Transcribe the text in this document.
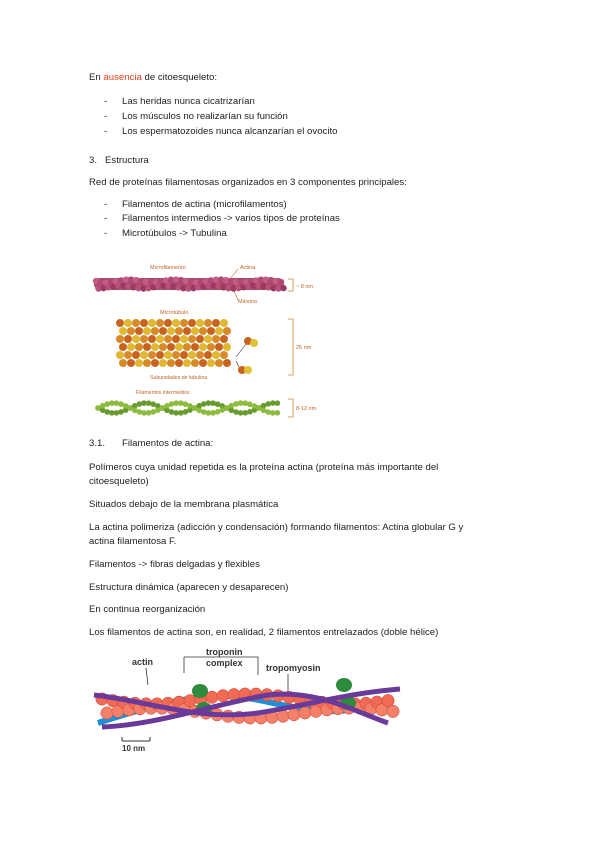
En ausencia de citoesqueleto:
- Las heridas nunca cicatrizarían
- Los músculos no realizarían su función
- Los espermatozoides nunca alcanzarían el ovocito
3. Estructura
Red de proteínas filamentosas organizados en 3 componentes principales:
- Filamentos de actina (microfilamentos)
- Filamentos intermedios -> varios tipos de proteínas
- Microtúbulos -> Tubulina
Microfilamento	Actina
Miosina
~ 8 nm
Microtúbulo
Subunidades de tubulina
25 nm
Filamentos intermedios
8-12 nm
3.1. Filamentos de actina:
Polímeros cuya unidad repetida es la proteína actina (proteína más importante del citoesqueleto)
Situados debajo de la membrana plasmática
La actina polimeriza (adicción y condensación) formando filamentos: Actina globular G y actina filamentosa F.
Filamentos -> fibras delgadas y flexibles
Estructura dinámica (aparecen y desaparecen)
En continua reorganización
Los filamentos de actina son, en realidad, 2 filamentos entrelazados (doble hélice)
actin
troponin
complex	tropomyosin
10 nm
